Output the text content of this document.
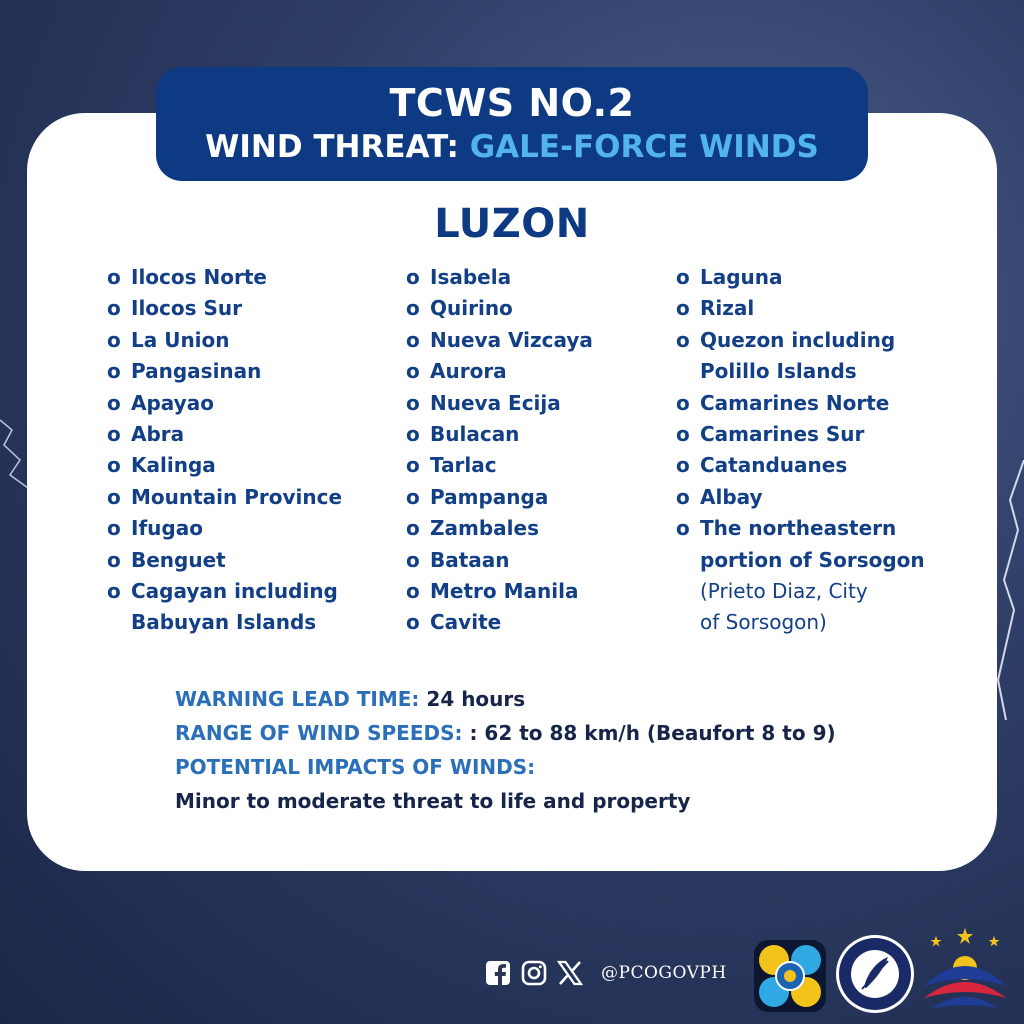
TCWS NO.2
WIND THREAT: GALE-FORCE WINDS
LUZON
o Ilocos Norte
o Ilocos Sur
o La Union
o Pangasinan
o Apayao
o Abra
o Kalinga
o Mountain Province
o Ifugao
o Benguet
o Cagayan including
Babuyan Islands
o Isabela
o Quirino
o Nueva Vizcaya
o Aurora
o Nueva Ecija
o Bulacan
o Tarlac
o Pampanga
o Zambales
o Bataan
o Metro Manila
o Cavite
o Laguna
o Rizal
o Quezon including
Polillo Islands
o Camarines Norte
o Camarines Sur
o Catanduanes
o Albay
o The northeastern
portion of Sorsogon
(Prieto Diaz, City
of Sorsogon)
WARNING LEAD TIME: 24 hours
RANGE OF WIND SPEEDS: : 62 to 88 km/h (Beaufort 8 to 9)
POTENTIAL IMPACTS OF WINDS:
Minor to moderate threat to life and property
@PCOGOVPH
